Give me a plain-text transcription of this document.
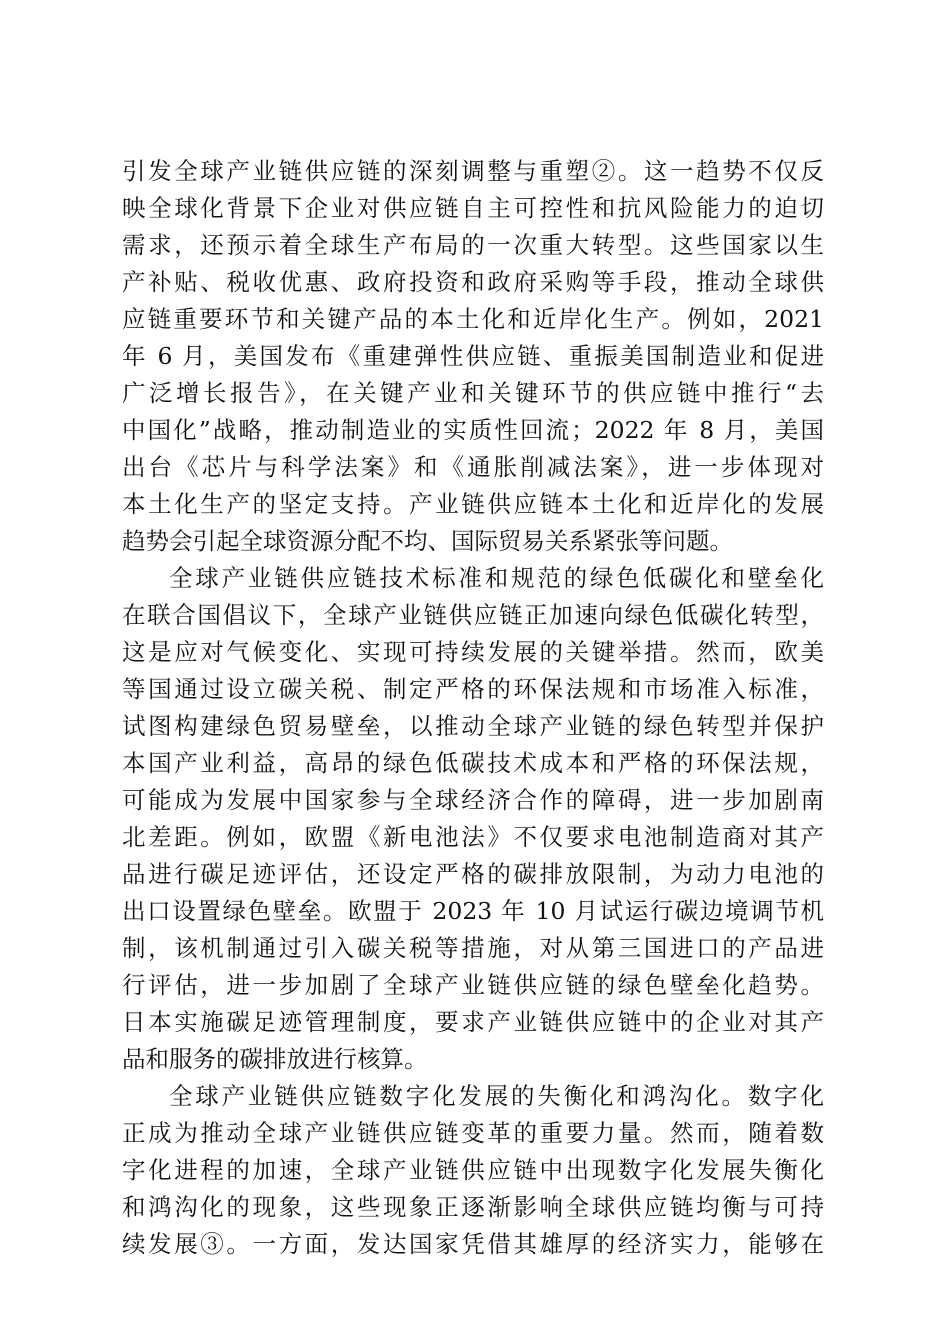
引发全球产业链供应链的深刻调整与重塑②。这一趋势不仅反
映全球化背景下企业对供应链自主可控性和抗风险能力的迫切
需求，还预示着全球生产布局的一次重大转型。这些国家以生
产补贴、税收优惠、政府投资和政府采购等手段，推动全球供
应链重要环节和关键产品的本土化和近岸化生产。例如，2021
年 6 月，美国发布《重建弹性供应链、重振美国制造业和促进
广泛增长报告》，在关键产业和关键环节的供应链中推行“去
中国化”战略，推动制造业的实质性回流；2022 年 8 月，美国
出台《芯片与科学法案》和《通胀削减法案》，进一步体现对
本土化生产的坚定支持。产业链供应链本土化和近岸化的发展
趋势会引起全球资源分配不均、国际贸易关系紧张等问题。
全球产业链供应链技术标准和规范的绿色低碳化和壁垒化
在联合国倡议下，全球产业链供应链正加速向绿色低碳化转型，
这是应对气候变化、实现可持续发展的关键举措。然而，欧美
等国通过设立碳关税、制定严格的环保法规和市场准入标准，
试图构建绿色贸易壁垒，以推动全球产业链的绿色转型并保护
本国产业利益，高昂的绿色低碳技术成本和严格的环保法规，
可能成为发展中国家参与全球经济合作的障碍，进一步加剧南
北差距。例如，欧盟《新电池法》不仅要求电池制造商对其产
品进行碳足迹评估，还设定严格的碳排放限制，为动力电池的
出口设置绿色壁垒。欧盟于 2023 年 10 月试运行碳边境调节机
制，该机制通过引入碳关税等措施，对从第三国进口的产品进
行评估，进一步加剧了全球产业链供应链的绿色壁垒化趋势。
日本实施碳足迹管理制度，要求产业链供应链中的企业对其产
品和服务的碳排放进行核算。
全球产业链供应链数字化发展的失衡化和鸿沟化。数字化
正成为推动全球产业链供应链变革的重要力量。然而，随着数
字化进程的加速，全球产业链供应链中出现数字化发展失衡化
和鸿沟化的现象，这些现象正逐渐影响全球供应链均衡与可持
续发展③。一方面，发达国家凭借其雄厚的经济实力，能够在
